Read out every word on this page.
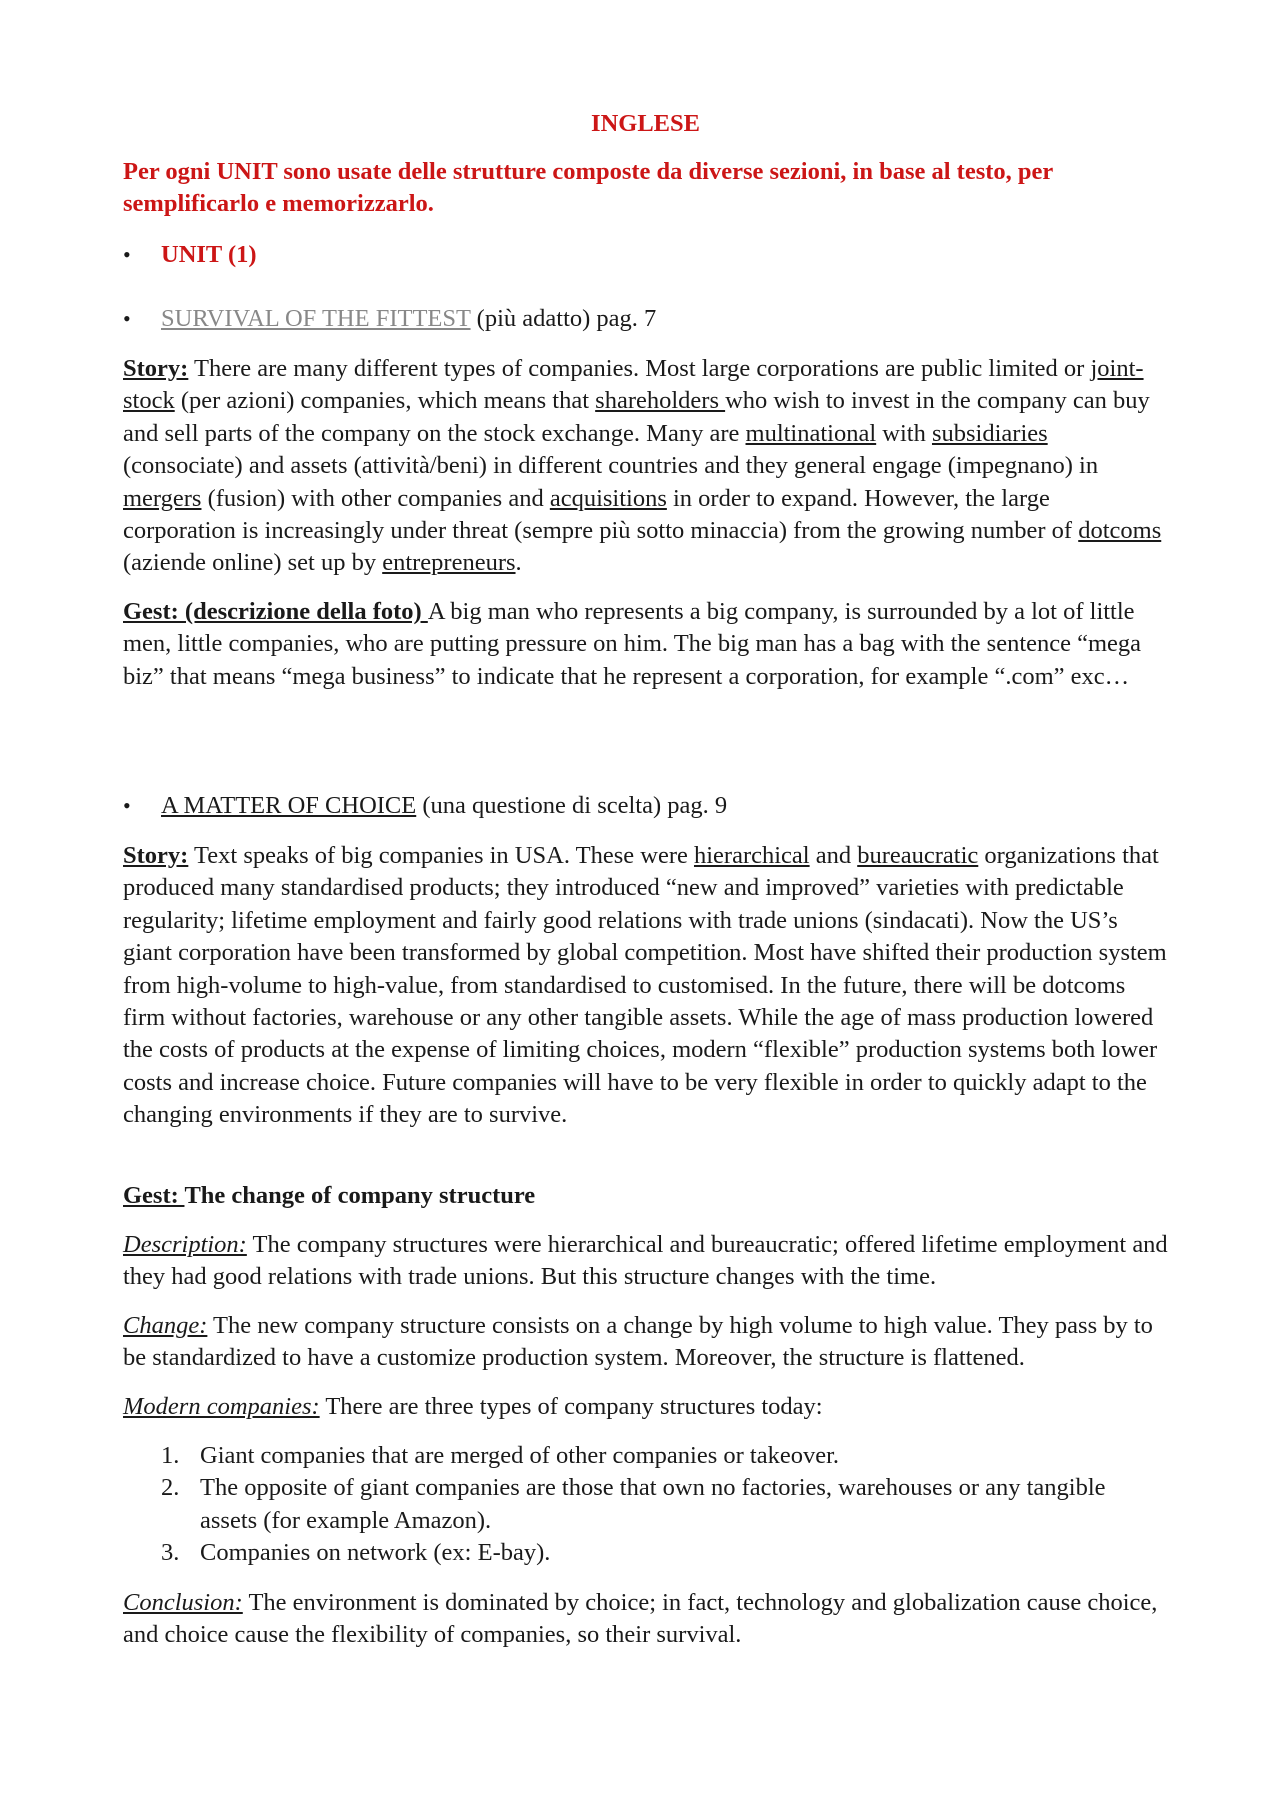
INGLESE

Per ogni UNIT sono usate delle strutture composte da diverse sezioni, in base al testo, per semplificarlo e memorizzarlo.

• UNIT (1)
• SURVIVAL OF THE FITTEST (più adatto) pag. 7

Story: There are many different types of companies. Most large corporations are public limited or joint-stock (per azioni) companies, which means that shareholders who wish to invest in the company can buy and sell parts of the company on the stock exchange. Many are multinational with subsidiaries (consociate) and assets (attività/beni) in different countries and they general engage (impegnano) in mergers (fusion) with other companies and acquisitions in order to expand. However, the large corporation is increasingly under threat (sempre più sotto minaccia) from the growing number of dotcoms (aziende online) set up by entrepreneurs.

Gest: (descrizione della foto) A big man who represents a big company, is surrounded by a lot of little men, little companies, who are putting pressure on him. The big man has a bag with the sentence “mega biz” that means “mega business” to indicate that he represent a corporation, for example “.com” exc…

• A MATTER OF CHOICE (una questione di scelta) pag. 9

Story: Text speaks of big companies in USA. These were hierarchical and bureaucratic organizations that produced many standardised products; they introduced “new and improved” varieties with predictable regularity; lifetime employment and fairly good relations with trade unions (sindacati). Now the US’s giant corporation have been transformed by global competition. Most have shifted their production system from high-volume to high-value, from standardised to customised. In the future, there will be dotcoms firm without factories, warehouse or any other tangible assets. While the age of mass production lowered the costs of products at the expense of limiting choices, modern “flexible” production systems both lower costs and increase choice. Future companies will have to be very flexible in order to quickly adapt to the changing environments if they are to survive.

Gest: The change of company structure

Description: The company structures were hierarchical and bureaucratic; offered lifetime employment and they had good relations with trade unions. But this structure changes with the time.

Change: The new company structure consists on a change by high volume to high value. They pass by to be standardized to have a customize production system. Moreover, the structure is flattened.

Modern companies: There are three types of company structures today:

1. Giant companies that are merged of other companies or takeover.
2. The opposite of giant companies are those that own no factories, warehouses or any tangible assets (for example Amazon).
3. Companies on network (ex: E-bay).

Conclusion: The environment is dominated by choice; in fact, technology and globalization cause choice, and choice cause the flexibility of companies, so their survival.
